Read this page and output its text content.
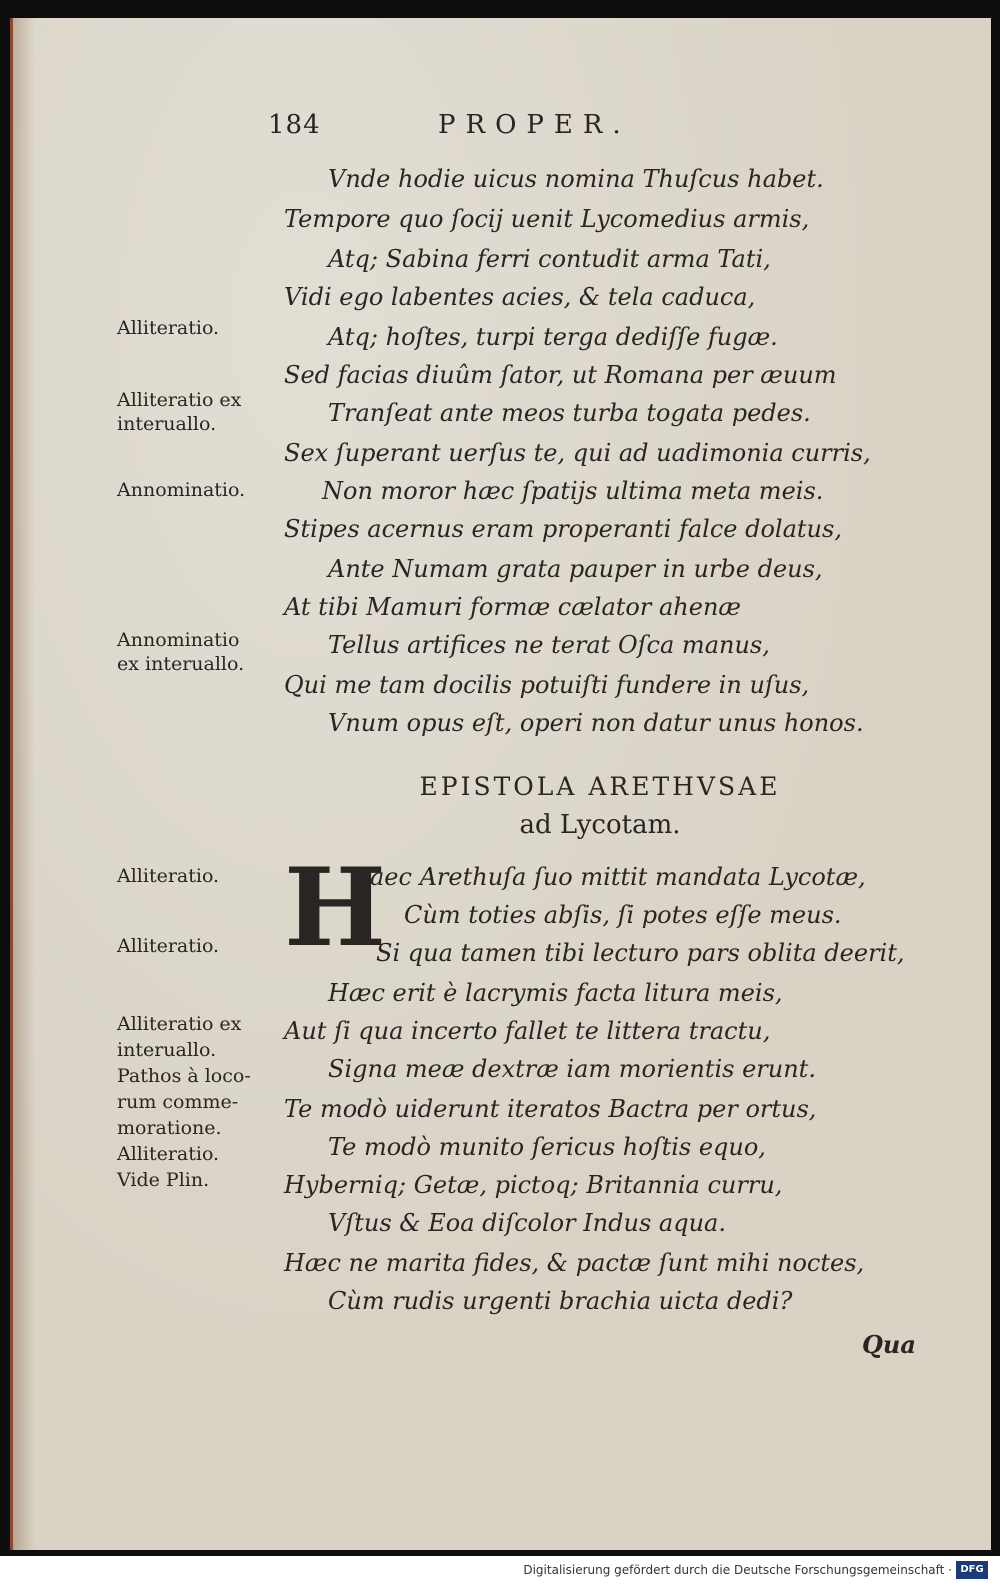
184	PROPER.
Vnde hodie uicus nomina Thuſcus habet.
Tempore quo ſocij uenit Lycomedius armis,
Atq; Sabina ferri contudit arma Tati,
Vidi ego labentes acies, & tela caduca,
Atq; hoſtes, turpi terga dediſſe fugæ.
Sed facias diuûm ſator, ut Romana per æuum
Tranſeat ante meos turba togata pedes.
Sex ſuperant uerſus te, qui ad uadimonia curris,
Non moror hæc ſpatijs ultima meta meis.
Stipes acernus eram properanti falce dolatus,
Ante Numam grata pauper in urbe deus,
At tibi Mamuri formæ cælator ahenæ
Tellus artifices ne terat Oſca manus,
Qui me tam docilis potuiſti fundere in uſus,
Vnum opus eſt, operi non datur unus honos.
Alliteratio.
Alliteratio ex
interuallo.
Annominatio.
Annominatio
ex interuallo.
EPISTOLA ARETHVSAE
ad Lycotam.
H
aec Arethuſa ſuo mittit mandata Lycotæ,
Cùm toties abſis, ſi potes eſſe meus.
Si qua tamen tibi lecturo pars oblita deerit,
Hæc erit è lacrymis facta litura meis,
Aut ſi qua incerto fallet te littera tractu,
Signa meæ dextræ iam morientis erunt.
Te modò uiderunt iteratos Bactra per ortus,
Te modò munito ſericus hoſtis equo,
Hyberniq; Getæ, pictoq; Britannia curru,
Vſtus & Eoa diſcolor Indus aqua.
Hæc ne marita fides, & pactæ ſunt mihi noctes,
Cùm rudis urgenti brachia uicta dedi?
Alliteratio.
Alliteratio.
Alliteratio ex
interuallo.
Pathos à loco-
rum comme-
moratione.
Alliteratio.
Vide Plin.
Qua
Digitalisierung gefördert durch die Deutsche Forschungsgemeinschaft · DFG
